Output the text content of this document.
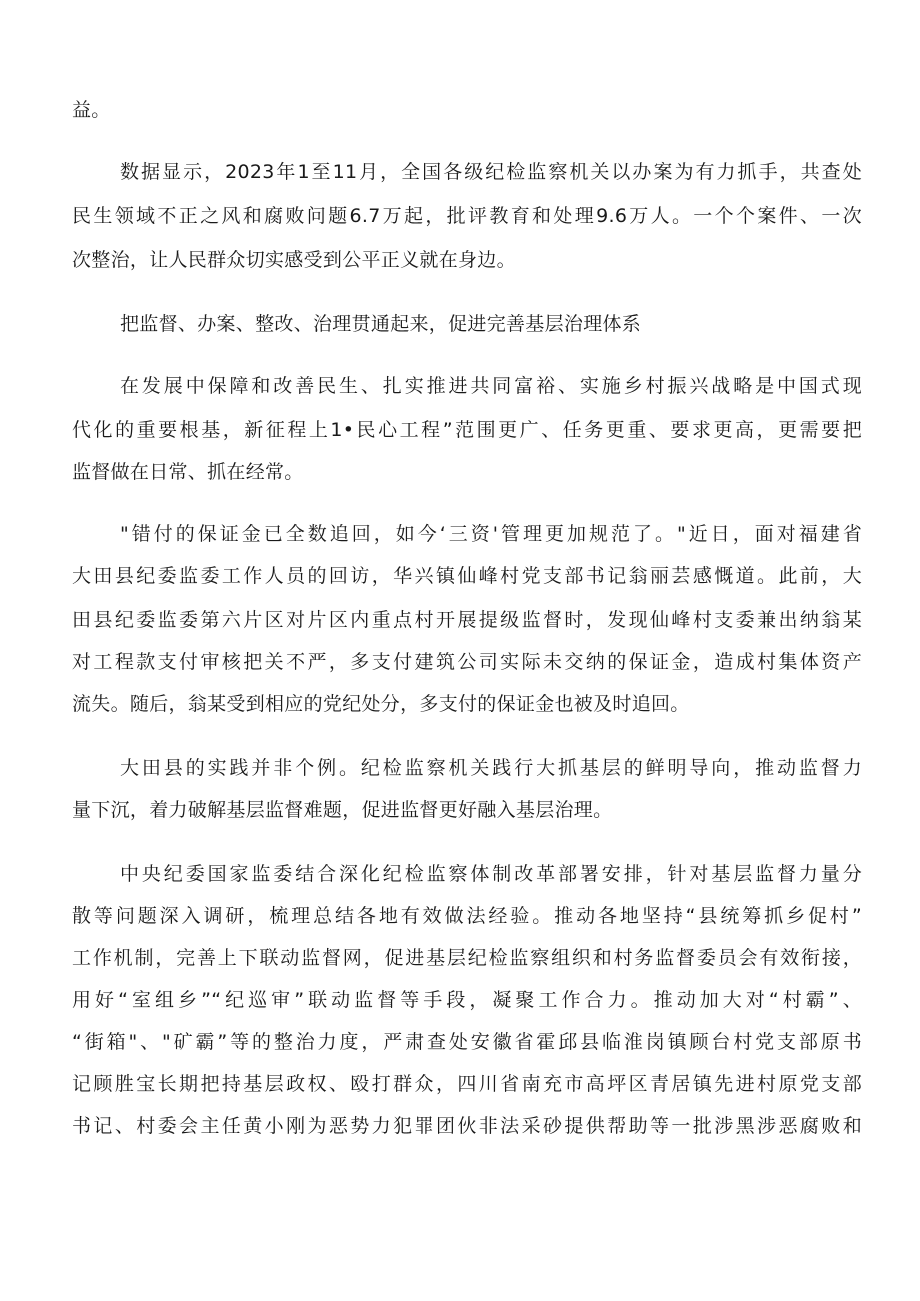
益。
数据显示，2023年1至11月，全国各级纪检监察机关以办案为有力抓手，共查处
民生领域不正之风和腐败问题6.7万起，批评教育和处理9.6万人。一个个案件、一次
次整治，让人民群众切实感受到公平正义就在身边。
把监督、办案、整改、治理贯通起来，促进完善基层治理体系
在发展中保障和改善民生、扎实推进共同富裕、实施乡村振兴战略是中国式现
代化的重要根基，新征程上1•民心工程”范围更广、任务更重、要求更高，更需要把
监督做在日常、抓在经常。
"错付的保证金已全数追回，如今‘三资'管理更加规范了。"近日，面对福建省
大田县纪委监委工作人员的回访，华兴镇仙峰村党支部书记翁丽芸感慨道。此前，大
田县纪委监委第六片区对片区内重点村开展提级监督时，发现仙峰村支委兼出纳翁某
对工程款支付审核把关不严，多支付建筑公司实际未交纳的保证金，造成村集体资产
流失。随后，翁某受到相应的党纪处分，多支付的保证金也被及时追回。
大田县的实践并非个例。纪检监察机关践行大抓基层的鲜明导向，推动监督力
量下沉，着力破解基层监督难题，促进监督更好融入基层治理。
中央纪委国家监委结合深化纪检监察体制改革部署安排，针对基层监督力量分
散等问题深入调研，梳理总结各地有效做法经验。推动各地坚持“县统筹抓乡促村”
工作机制，完善上下联动监督网，促进基层纪检监察组织和村务监督委员会有效衔接，
用好“室组乡”“纪巡审”联动监督等手段，凝聚工作合力。推动加大对“村霸”、
“街箱"、"矿霸”等的整治力度，严肃查处安徽省霍邱县临淮岗镇顾台村党支部原书
记顾胜宝长期把持基层政权、殴打群众，四川省南充市高坪区青居镇先进村原党支部
书记、村委会主任黄小刚为恶势力犯罪团伙非法采砂提供帮助等一批涉黑涉恶腐败和
